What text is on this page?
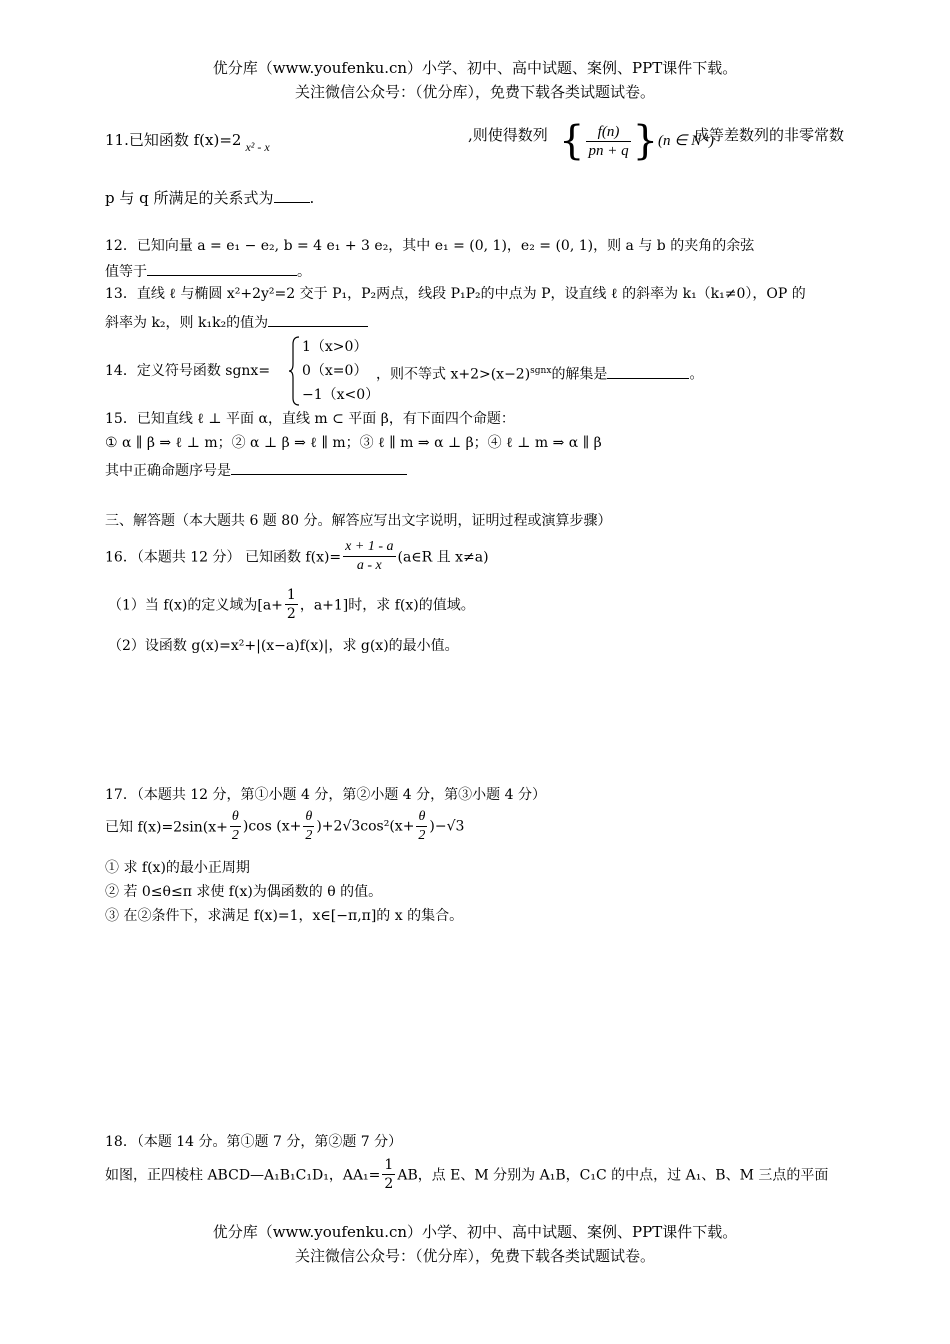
优分库（www.youfenku.cn）小学、初中、高中试题、案例、PPT课件下载。
关注微信公众号：（优分库），免费下载各类试题试卷。
11.已知函数 f(x)=2 $^{x^2 - x}$
,则使得数列 { $\frac{f(n)}{pn + q} \}(n$ ∈ N⁺)
成等差数列的非零常数
p 与 q 所满足的关系式为 .
12．已知向量 a = e₁ − e₂, b = 4 e₁ + 3 e₂，其中 e₁ = (0, 1)，e₂ = (0, 1)，则 a 与 b 的夹角的余弦
值等于	。
13．直线 ℓ 与椭圆 x²+2y²=2 交于 P₁，P₂两点，线段 P₁P₂的中点为 P，设直线 ℓ 的斜率为 k₁（k₁≠0），OP 的
斜率为 k₂，则 k₁k₂的值为
14．定义符号函数 sgnx=
1（x>0）
0（x=0）
−1（x<0）
，则不等式 $x+2>(x-2)^{sgnx}$的解集是	。
15．已知直线 ℓ ⊥ 平面 α，直线 m ⊂ 平面 β，有下面四个命题：
① α ∥ β ⇒ ℓ ⊥ m；② α ⊥ β ⇒ ℓ ∥ m；③ ℓ ∥ m ⇒ α ⊥ β；④ ℓ ⊥ m ⇒ α ∥ β
其中正确命题序号是
三、解答题（本大题共 6 题 80 分。解答应写出文字说明，证明过程或演算步骤）
16．（本题共 12 分） 已知函数 $f(x)= \frac{x + 1 - a}{a - x}$ (a∈R 且 x≠a)
（1）当 f(x)的定义域为[$a+ \frac{1}{2}$ ，a+1]时，求 f(x)的值域。
（2）设函数 g(x)=x²+|(x−a)f(x)|，求 g(x)的最小值。
17．（本题共 12 分，第①小题 4 分，第②小题 4 分，第③小题 4 分）
已知 $f(x)=2\sin(x+ \frac{\theta}{2} )\cos$ $(x+ \frac{\theta}{2} )+2√3\cos^2(x+ \frac{\theta}{2} )-√3$
① 求 f(x)的最小正周期
② 若 0≤θ≤π 求使 f(x)为偶函数的 θ 的值。
③ 在②条件下，求满足 f(x)=1，x∈[−π,π]的 x 的集合。
18．（本题 14 分。第①题 7 分，第②题 7 分）
如图，正四棱柱 ABCD—A₁B₁C₁D₁，$AA_1= \frac{1}{2}$ AB，点 E、M 分别为 A₁B，C₁C 的中点，过 A₁、B、M 三点的平面
优分库（www.youfenku.cn）小学、初中、高中试题、案例、PPT课件下载。
关注微信公众号：（优分库），免费下载各类试题试卷。
